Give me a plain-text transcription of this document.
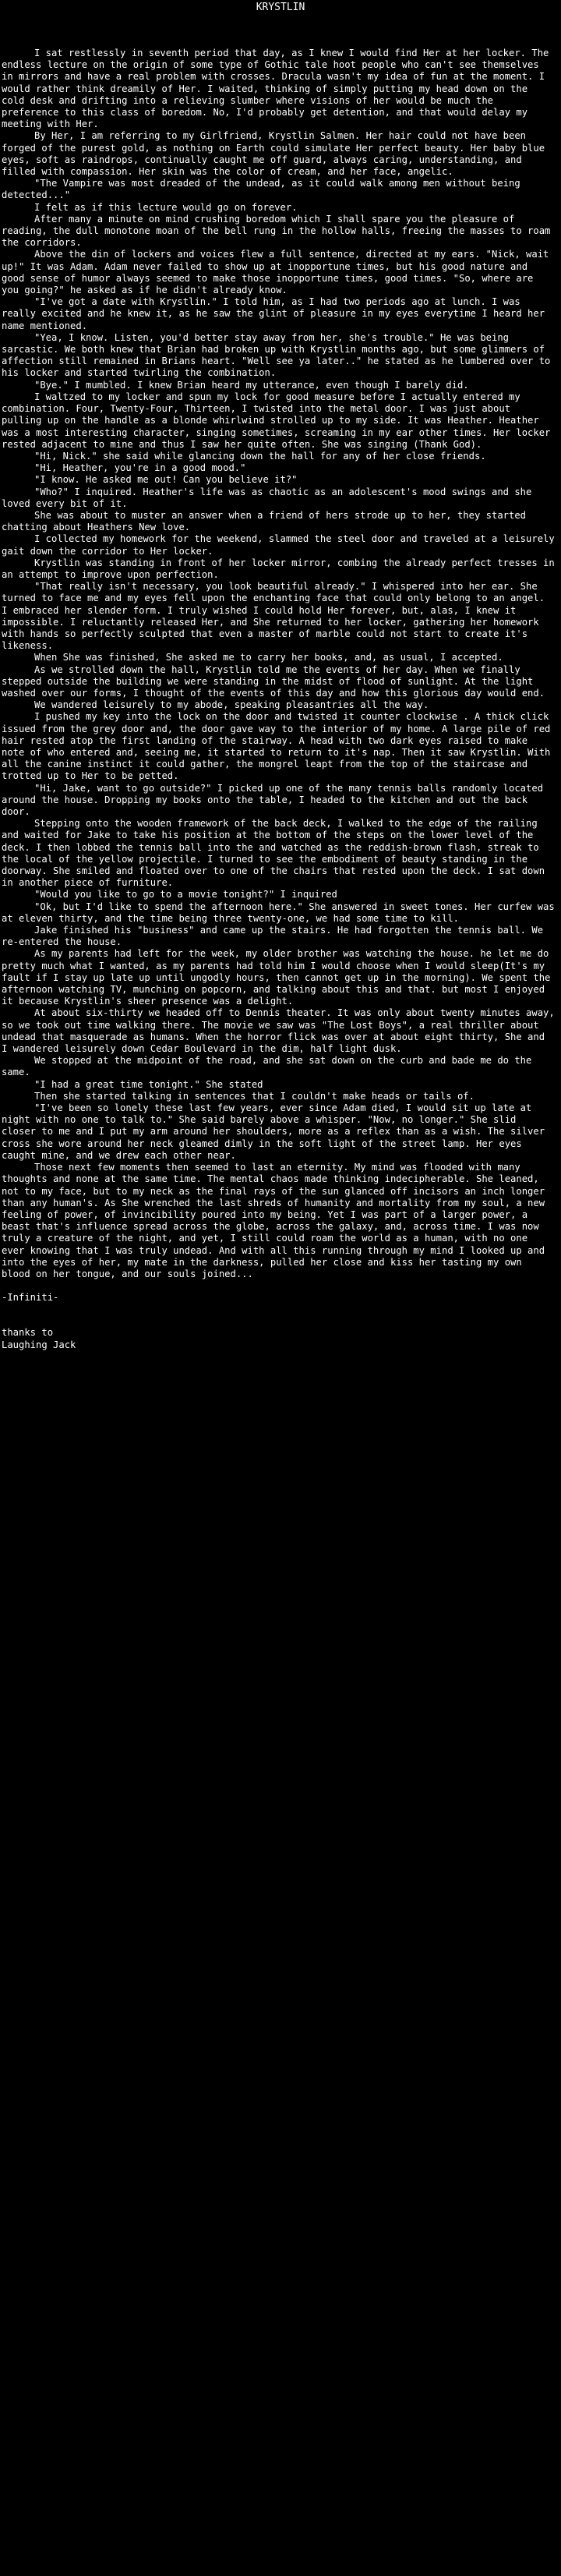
KRYSTLIN

I sat restlessly in seventh period that day, as I knew I would find Her at her locker. The endless lecture on the origin of some type of Gothic tale hoot people who can't see themselves in mirrors and have a real problem with crosses. Dracula wasn't my idea of fun at the moment. I would rather think dreamily of Her. I waited, thinking of simply putting my head down on the cold desk and drifting into a relieving slumber where visions of her would be much the preference to this class of boredom. No, I'd probably get detention, and that would delay my meeting with Her.

By Her, I am referring to my Girlfriend, Krystlin Salmen. Her hair could not have been forged of the purest gold, as nothing on Earth could simulate Her perfect beauty. Her baby blue eyes, soft as raindrops, continually caught me off guard, always caring, understanding, and filled with compassion. Her skin was the color of cream, and her face, angelic.

"The Vampire was most dreaded of the undead, as it could walk among men without being detected..."

I felt as if this lecture would go on forever.

After many a minute on mind crushing boredom which I shall spare you the pleasure of reading, the dull monotone moan of the bell rung in the hollow halls, freeing the masses to roam the corridors.

Above the din of lockers and voices flew a full sentence, directed at my ears. "Nick, wait up!" It was Adam. Adam never failed to show up at inopportune times, but his good nature and good sense of humor always seemed to make those inopportune times, good times. "So, where are you going?" he asked as if he didn't already know.

"I've got a date with Krystlin." I told him, as I had two periods ago at lunch. I was really excited and he knew it, as he saw the glint of pleasure in my eyes everytime I heard her name mentioned.

"Yea, I know. Listen, you'd better stay away from her, she's trouble." He was being sarcastic. We both knew that Brian had broken up with Krystlin months ago, but some glimmers of affection still remained in Brians heart. "Well see ya later.." he stated as he lumbered over to his locker and started twirling the combination.

"Bye." I mumbled. I knew Brian heard my utterance, even though I barely did.

I waltzed to my locker and spun my lock for good measure before I actually entered my combination. Four, Twenty-Four, Thirteen, I twisted into the metal door. I was just about pulling up on the handle as a blonde whirlwind strolled up to my side. It was Heather. Heather was a most interesting character, singing sometimes, screaming in my ear other times. Her locker rested adjacent to mine and thus I saw her quite often. She was singing (Thank God).

"Hi, Nick." she said while glancing down the hall for any of her close friends.

"Hi, Heather, you're in a good mood."

"I know. He asked me out! Can you believe it?"

"Who?" I inquired. Heather's life was as chaotic as an adolescent's mood swings and she loved every bit of it.

She was about to muster an answer when a friend of hers strode up to her, they started chatting about Heathers New love.

I collected my homework for the weekend, slammed the steel door and traveled at a leisurely gait down the corridor to Her locker.

Krystlin was standing in front of her locker mirror, combing the already perfect tresses in an attempt to improve upon perfection.

"That really isn't necessary, you look beautiful already." I whispered into her ear. She turned to face me and my eyes fell upon the enchanting face that could only belong to an angel. I embraced her slender form. I truly wished I could hold Her forever, but, alas, I knew it impossible. I reluctantly released Her, and She returned to her locker, gathering her homework with hands so perfectly sculpted that even a master of marble could not start to create it's likeness.

When She was finished, She asked me to carry her books, and, as usual, I accepted.

As we strolled down the hall, Krystlin told me the events of her day. When we finally stepped outside the building we were standing in the midst of flood of sunlight. At the light washed over our forms, I thought of the events of this day and how this glorious day would end.

We wandered leisurely to my abode, speaking pleasantries all the way.

I pushed my key into the lock on the door and twisted it counter clockwise . A thick click issued from the grey door and, the door gave way to the interior of my home. A large pile of red hair rested atop the first landing of the stairway. A head with two dark eyes raised to make note of who entered and, seeing me, it started to return to it's nap. Then it saw Krystlin. With all the canine instinct it could gather, the mongrel leapt from the top of the staircase and trotted up to Her to be petted.

"Hi, Jake, want to go outside?" I picked up one of the many tennis balls randomly located around the house. Dropping my books onto the table, I headed to the kitchen and out the back door.

Stepping onto the wooden framework of the back deck, I walked to the edge of the railing and waited for Jake to take his position at the bottom of the steps on the lower level of the deck. I then lobbed the tennis ball into the and watched as the reddish-brown flash, streak to the local of the yellow projectile. I turned to see the embodiment of beauty standing in the doorway. She smiled and floated over to one of the chairs that rested upon the deck. I sat down in another piece of furniture.

"Would you like to go to a movie tonight?" I inquired

"Ok, but I'd like to spend the afternoon here." She answered in sweet tones. Her curfew was at eleven thirty, and the time being three twenty-one, we had some time to kill.

Jake finished his "business" and came up the stairs. He had forgotten the tennis ball. We re-entered the house.

As my parents had left for the week, my older brother was watching the house. he let me do pretty much what I wanted, as my parents had told him I would choose when I would sleep(It's my fault if I stay up late up until ungodly hours, then cannot get up in the morning). We spent the afternoon watching TV, munching on popcorn, and talking about this and that. but most I enjoyed it because Krystlin's sheer presence was a delight.

At about six-thirty we headed off to Dennis theater. It was only about twenty minutes away, so we took out time walking there. The movie we saw was "The Lost Boys", a real thriller about undead that masquerade as humans. When the horror flick was over at about eight thirty, She and I wandered leisurely down Cedar Boulevard in the dim, half light dusk.

We stopped at the midpoint of the road, and she sat down on the curb and bade me do the same.

"I had a great time tonight." She stated

Then she started talking in sentences that I couldn't make heads or tails of.

"I've been so lonely these last few years, ever since Adam died, I would sit up late at night with no one to talk to." She said barely above a whisper. "Now, no longer." She slid closer to me and I put my arm around her shoulders, more as a reflex than as a wish. The silver cross she wore around her neck gleamed dimly in the soft light of the street lamp. Her eyes caught mine, and we drew each other near.

Those next few moments then seemed to last an eternity. My mind was flooded with many thoughts and none at the same time. The mental chaos made thinking indecipherable. She leaned, not to my face, but to my neck as the final rays of the sun glanced off incisors an inch longer than any human's. As She wrenched the last shreds of humanity and mortality from my soul, a new feeling of power, of invincibility poured into my being. Yet I was part of a larger power, a beast that's influence spread across the globe, across the galaxy, and, across time. I was now truly a creature of the night, and yet, I still could roam the world as a human, with no one ever knowing that I was truly undead. And with all this running through my mind I looked up and into the eyes of her, my mate in the darkness, pulled her close and kiss her tasting my own blood on her tongue, and our souls joined...

-Infiniti-

thanks to

Laughing Jack
